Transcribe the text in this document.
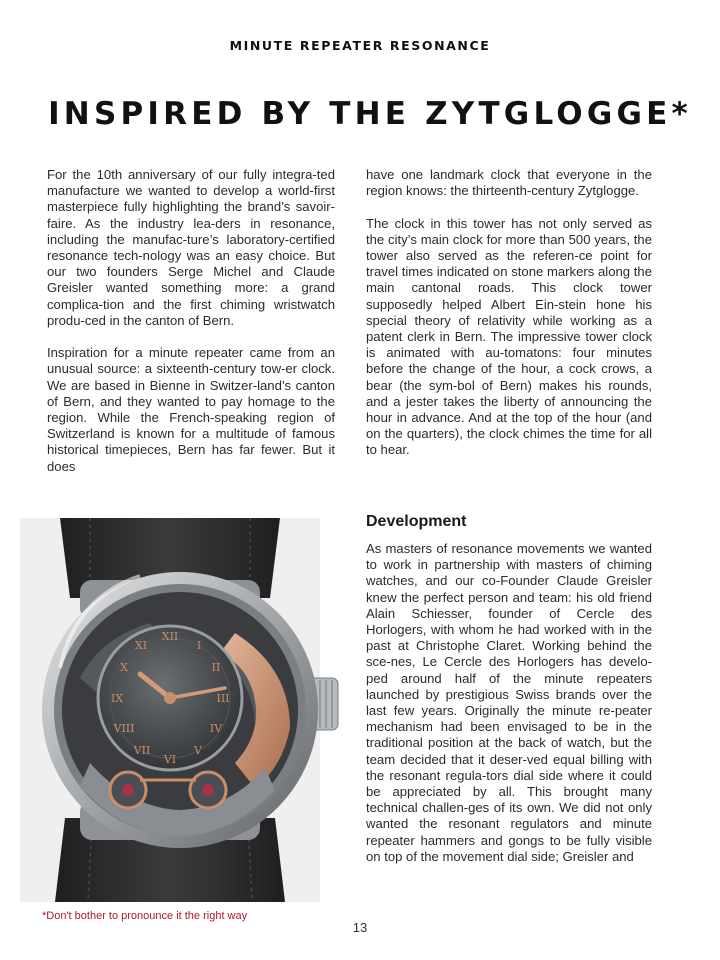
MINUTE REPEATER RESONANCE
INSPIRED BY THE ZYTGLOGGE*

For the 10th anniversary of our fully integra-ted manufacture we wanted to develop a world-first masterpiece fully highlighting the brand’s savoir-faire. As the industry lea-ders in resonance, including the manufac-ture’s laboratory-certified resonance tech-nology was an easy choice. But our two founders Serge Michel and Claude Greisler wanted something more: a grand complica-tion and the first chiming wristwatch produ-ced in the canton of Bern.

Inspiration for a minute repeater came from an unusual source: a sixteenth-century tow-er clock. We are based in Bienne in Switzer-land’s canton of Bern, and they wanted to pay homage to the region. While the French-speaking region of Switzerland is known for a multitude of famous historical timepieces, Bern has far fewer. But it does

have one landmark clock that everyone in the region knows: the thirteenth-century Zytglogge.

The clock in this tower has not only served as the city’s main clock for more than 500 years, the tower also served as the referen-ce point for travel times indicated on stone markers along the main cantonal roads. This clock tower supposedly helped Albert Ein-stein hone his special theory of relativity while working as a patent clerk in Bern. The impressive tower clock is animated with au-tomatons: four minutes before the change of the hour, a cock crows, a bear (the sym-bol of Bern) makes his rounds, and a jester takes the liberty of announcing the hour in advance. And at the top of the hour (and on the quarters), the clock chimes the time for all to hear.

Development

As masters of resonance movements we wanted to work in partnership with masters of chiming watches, and our co-Founder Claude Greisler knew the perfect person and team: his old friend Alain Schiesser, founder of Cercle des Horlogers, with whom he had worked with in the past at Christophe Claret. Working behind the sce-nes, Le Cercle des Horlogers has develo-ped around half of the minute repeaters launched by prestigious Swiss brands over the last few years. Originally the minute re-peater mechanism had been envisaged to be in the traditional position at the back of watch, but the team decided that it deser-ved equal billing with the resonant regula-tors dial side where it could be appreciated by all. This brought many technical challen-ges of its own. We did not only wanted the resonant regulators and minute repeater hammers and gongs to be fully visible on top of the movement dial side; Greisler and

XII
III
VI
IX
XI	I
II
IV
V
VII
VIII
X
*Don't bother to pronounce it the right way
13
